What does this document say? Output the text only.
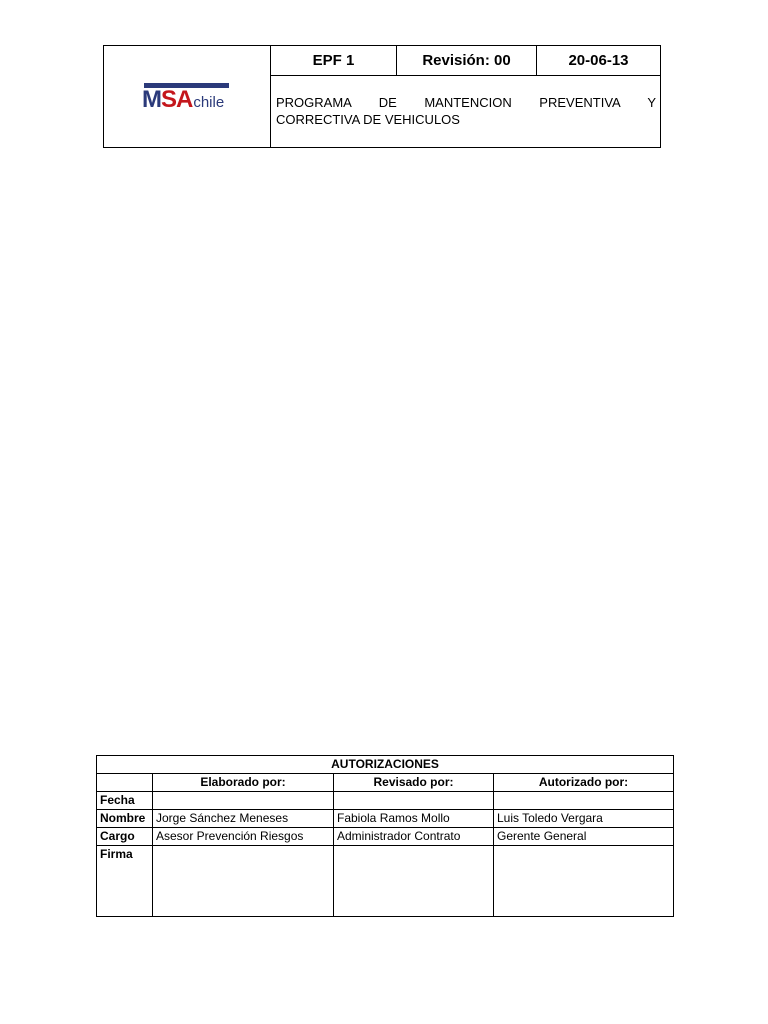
MSAchile
EPF 1	Revisión: 00	20-06-13
PROGRAMA DE MANTENCION PREVENTIVA Y
CORRECTIVA DE VEHICULOS
AUTORIZACIONES			
	Elaborado por:	Revisado por:	Autorizado por:
Fecha			
Nombre	Jorge Sánchez Meneses	Fabiola Ramos Mollo	Luis Toledo Vergara
Cargo	Asesor Prevención Riesgos	Administrador Contrato	Gerente General
Firma			
